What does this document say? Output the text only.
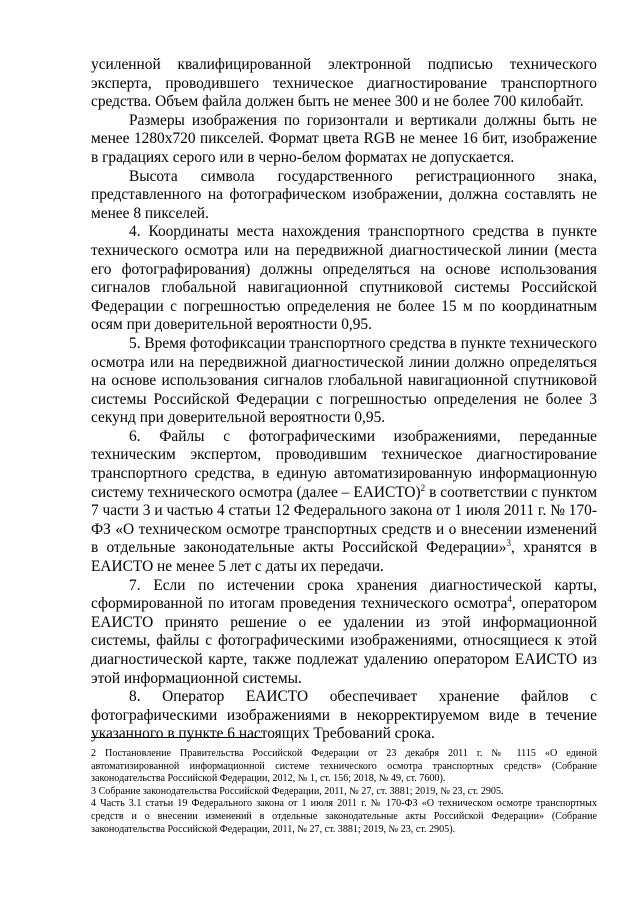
усиленной квалифицированной электронной подписью технического эксперта, проводившего техническое диагностирование транспортного средства. Объем файла должен быть не менее 300 и не более 700 килобайт.

Размеры изображения по горизонтали и вертикали должны быть не менее 1280х720 пикселей. Формат цвета RGB не менее 16 бит, изображение в градациях серого или в черно-белом форматах не допускается.

Высота символа государственного регистрационного знака, представленного на фотографическом изображении, должна составлять не менее 8 пикселей.

4. Координаты места нахождения транспортного средства в пункте технического осмотра или на передвижной диагностической линии (места его фотографирования) должны определяться на основе использования сигналов глобальной навигационной спутниковой системы Российской Федерации с погрешностью определения не более 15 м по координатным осям при доверительной вероятности 0,95.

5. Время фотофиксации транспортного средства в пункте технического осмотра или на передвижной диагностической линии должно определяться на основе использования сигналов глобальной навигационной спутниковой системы Российской Федерации с погрешностью определения не более 3 секунд при доверительной вероятности 0,95.

6. Файлы с фотографическими изображениями, переданные техническим экспертом, проводившим техническое диагностирование транспортного средства, в единую автоматизированную информационную систему технического осмотра (далее – ЕАИСТО)$^2$ в соответствии с пунктом 7 части 3 и частью 4 статьи 12 Федерального закона от 1 июля 2011 г. № 170-ФЗ «О техническом осмотре транспортных средств и о внесении изменений в отдельные законодательные акты Российской Федерации»$^3$, хранятся в ЕАИСТО не менее 5 лет с даты их передачи.

7. Если по истечении срока хранения диагностической карты, сформированной по итогам проведения технического осмотра$^4$, оператором ЕАИСТО принято решение о ее удалении из этой информационной системы, файлы с фотографическими изображениями, относящиеся к этой диагностической карте, также подлежат удалению оператором ЕАИСТО из этой информационной системы.

8. Оператор ЕАИСТО обеспечивает хранение файлов с фотографическими изображениями в некорректируемом виде в течение указанного в пункте 6 настоящих Требований срока.

2 Постановление Правительства Российской Федерации от 23 декабря 2011 г. № 1115 «О единой автоматизированной информационной системе технического осмотра транспортных средств» (Собрание законодательства Российской Федерации, 2012, № 1, ст. 156; 2018, № 49, ст. 7600).

3 Собрание законодательства Российской Федерации, 2011, № 27, ст. 3881; 2019, № 23, ст. 2905.

4 Часть 3.1 статьи 19 Федерального закона от 1 июля 2011 г. № 170-ФЗ «О техническом осмотре транспортных средств и о внесении изменений в отдельные законодательные акты Российской Федерации» (Собрание законодательства Российской Федерации, 2011, № 27, ст. 3881; 2019, № 23, ст. 2905).
